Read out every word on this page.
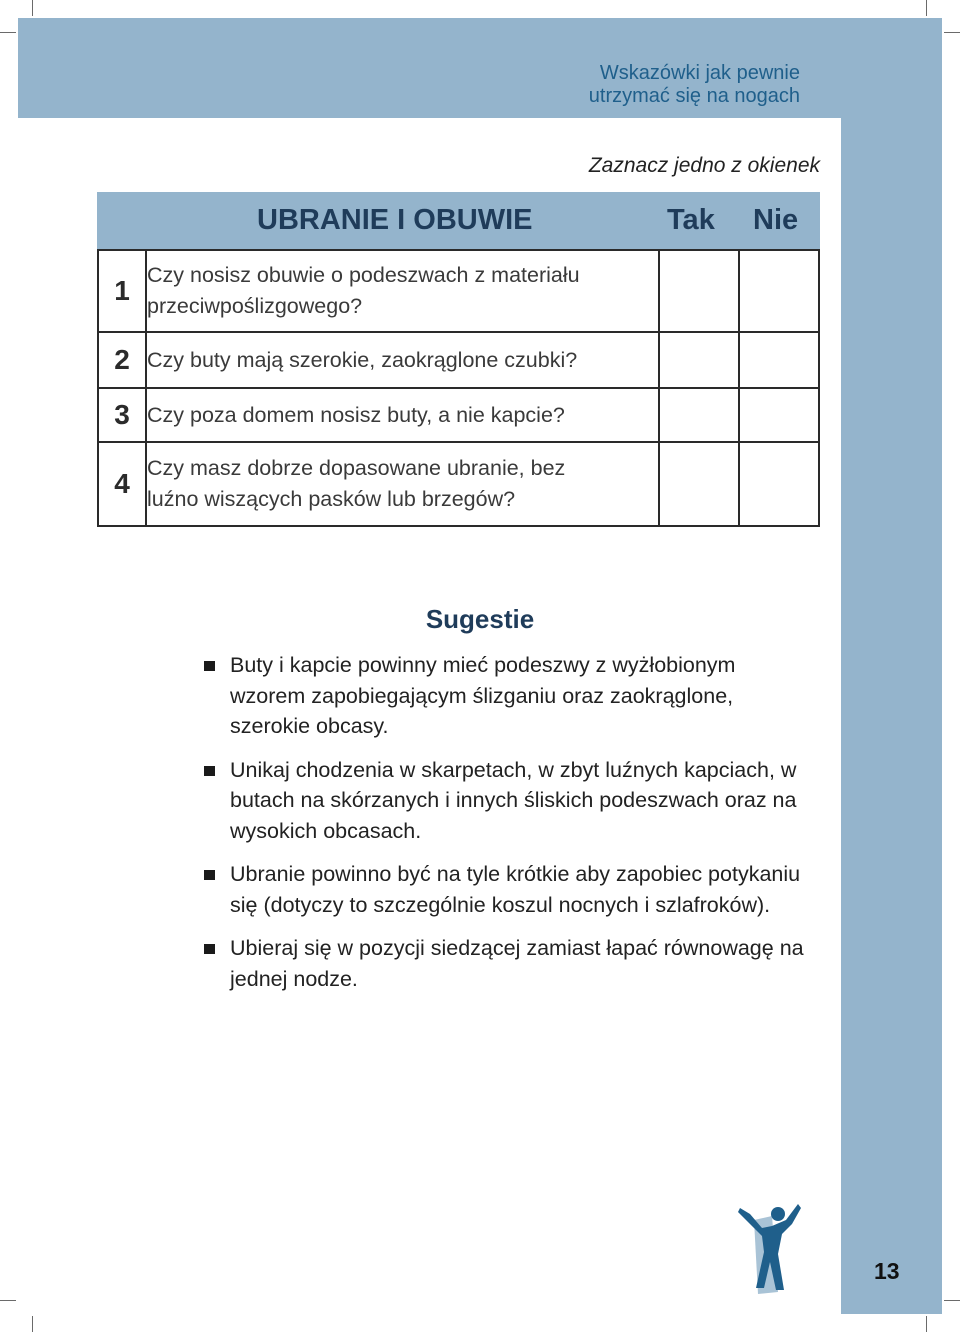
Wskazówki jak pewnie
utrzymać się na nogach
Zaznacz jedno z okienek
UBRANIE I OBUWIE	Tak Nie
1	Czy nosisz obuwie o podeszwach z materiału
przeciwpoślizgowego?		

2	Czy buty mają szerokie, zaokrąglone czubki?		

3	Czy poza domem nosisz buty, a nie kapcie?		

4	Czy masz dobrze dopasowane ubranie, bez
luźno wiszących pasków lub brzegów?		

Sugestie
Buty i kapcie powinny mieć podeszwy z wyżłobionym wzorem zapobiegającym ślizganiu oraz zaokrąglone, szerokie obcasy.
Unikaj chodzenia w skarpetach, w zbyt luźnych kapciach, w butach na skórzanych i innych śliskich podeszwach oraz na wysokich obcasach.
Ubranie powinno być na tyle krótkie aby zapobiec potykaniu się (dotyczy to szczególnie koszul nocnych i szlafroków).
Ubieraj się w pozycji siedzącej zamiast łapać równowagę na jednej nodze.
13
